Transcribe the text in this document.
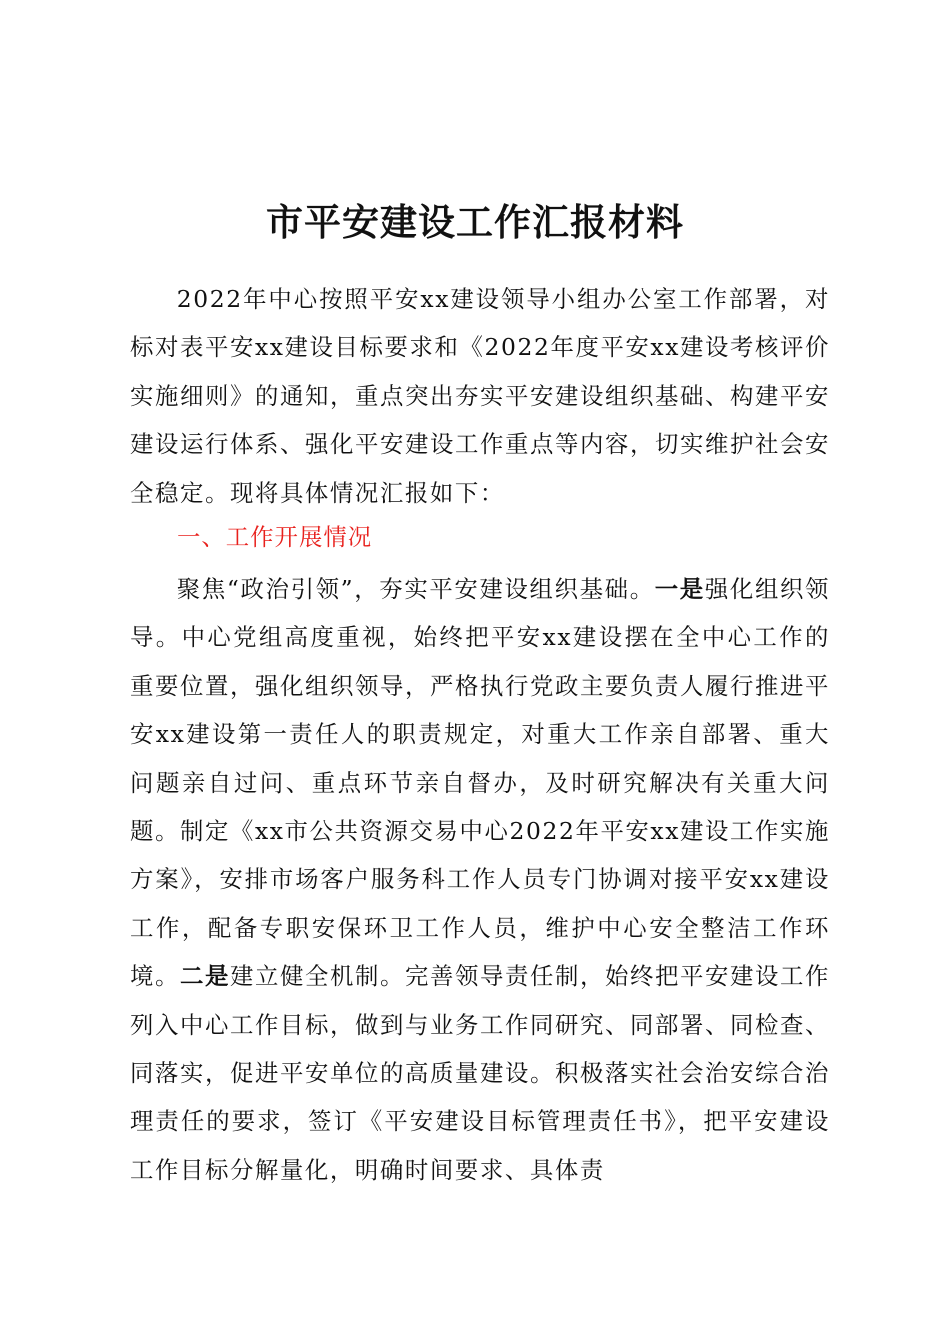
市平安建设工作汇报材料

2022年中心按照平安xx建设领导小组办公室工作部署，对标对表平安xx建设目标要求和《2022年度平安xx建设考核评价实施细则》的通知，重点突出夯实平安建设组织基础、构建平安建设运行体系、强化平安建设工作重点等内容，切实维护社会安全稳定。现将具体情况汇报如下：

一、工作开展情况

聚焦“政治引领”，夯实平安建设组织基础。一是强化组织领导。中心党组高度重视，始终把平安xx建设摆在全中心工作的重要位置，强化组织领导，严格执行党政主要负责人履行推进平安xx建设第一责任人的职责规定，对重大工作亲自部署、重大问题亲自过问、重点环节亲自督办，及时研究解决有关重大问题。制定《xx市公共资源交易中心2022年平安xx建设工作实施方案》，安排市场客户服务科工作人员专门协调对接平安xx建设工作，配备专职安保环卫工作人员，维护中心安全整洁工作环境。二是建立健全机制。完善领导责任制，始终把平安建设工作列入中心工作目标，做到与业务工作同研究、同部署、同检查、同落实，促进平安单位的高质量建设。积极落实社会治安综合治理责任的要求，签订《平安建设目标管理责任书》，把平安建设工作目标分解量化，明确时间要求、具体责
